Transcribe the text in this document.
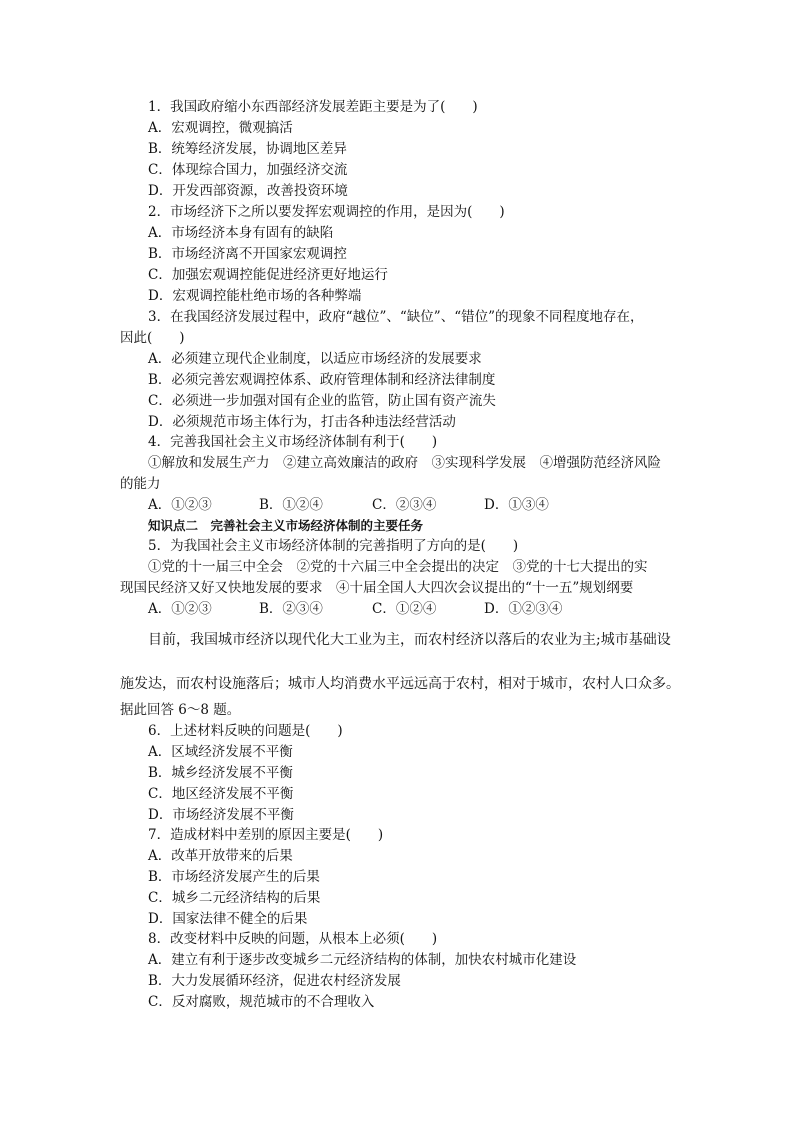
1．我国政府缩小东西部经济发展差距主要是为了(　　)
A．宏观调控，微观搞活
B．统筹经济发展，协调地区差异
C．体现综合国力，加强经济交流
D．开发西部资源，改善投资环境
2．市场经济下之所以要发挥宏观调控的作用，是因为(　　)
A．市场经济本身有固有的缺陷
B．市场经济离不开国家宏观调控
C．加强宏观调控能促进经济更好地运行
D．宏观调控能杜绝市场的各种弊端
3．在我国经济发展过程中，政府“越位”、“缺位”、“错位”的现象不同程度地存在，
因此(　　)
A．必须建立现代企业制度，以适应市场经济的发展要求
B．必须完善宏观调控体系、政府管理体制和经济法律制度
C．必须进一步加强对国有企业的监管，防止国有资产流失
D．必须规范市场主体行为，打击各种违法经营活动
4．完善我国社会主义市场经济体制有利于(　　)
①解放和发展生产力　②建立高效廉洁的政府　③实现科学发展　④增强防范经济风险
的能力
A．①②③	B．①②④	C．②③④	D．①③④
知识点二　完善社会主义市场经济体制的主要任务
5．为我国社会主义市场经济体制的完善指明了方向的是(　　)
①党的十一届三中全会　②党的十六届三中全会提出的决定　③党的十七大提出的实
现国民经济又好又快地发展的要求　④十届全国人大四次会议提出的“十一五”规划纲要
A．①②③	B．②③④	C．①②④	D．①②③④
目前，我国城市经济以现代化大工业为主，而农村经济以落后的农业为主;城市基础设
施发达，而农村设施落后；城市人均消费水平远远高于农村，相对于城市，农村人口众多。
据此回答 6～8 题。
6．上述材料反映的问题是(　　)
A．区域经济发展不平衡
B．城乡经济发展不平衡
C．地区经济发展不平衡
D．市场经济发展不平衡
7．造成材料中差别的原因主要是(　　)
A．改革开放带来的后果
B．市场经济发展产生的后果
C．城乡二元经济结构的后果
D．国家法律不健全的后果
8．改变材料中反映的问题，从根本上必须(　　)
A．建立有利于逐步改变城乡二元经济结构的体制，加快农村城市化建设
B．大力发展循环经济，促进农村经济发展
C．反对腐败，规范城市的不合理收入
